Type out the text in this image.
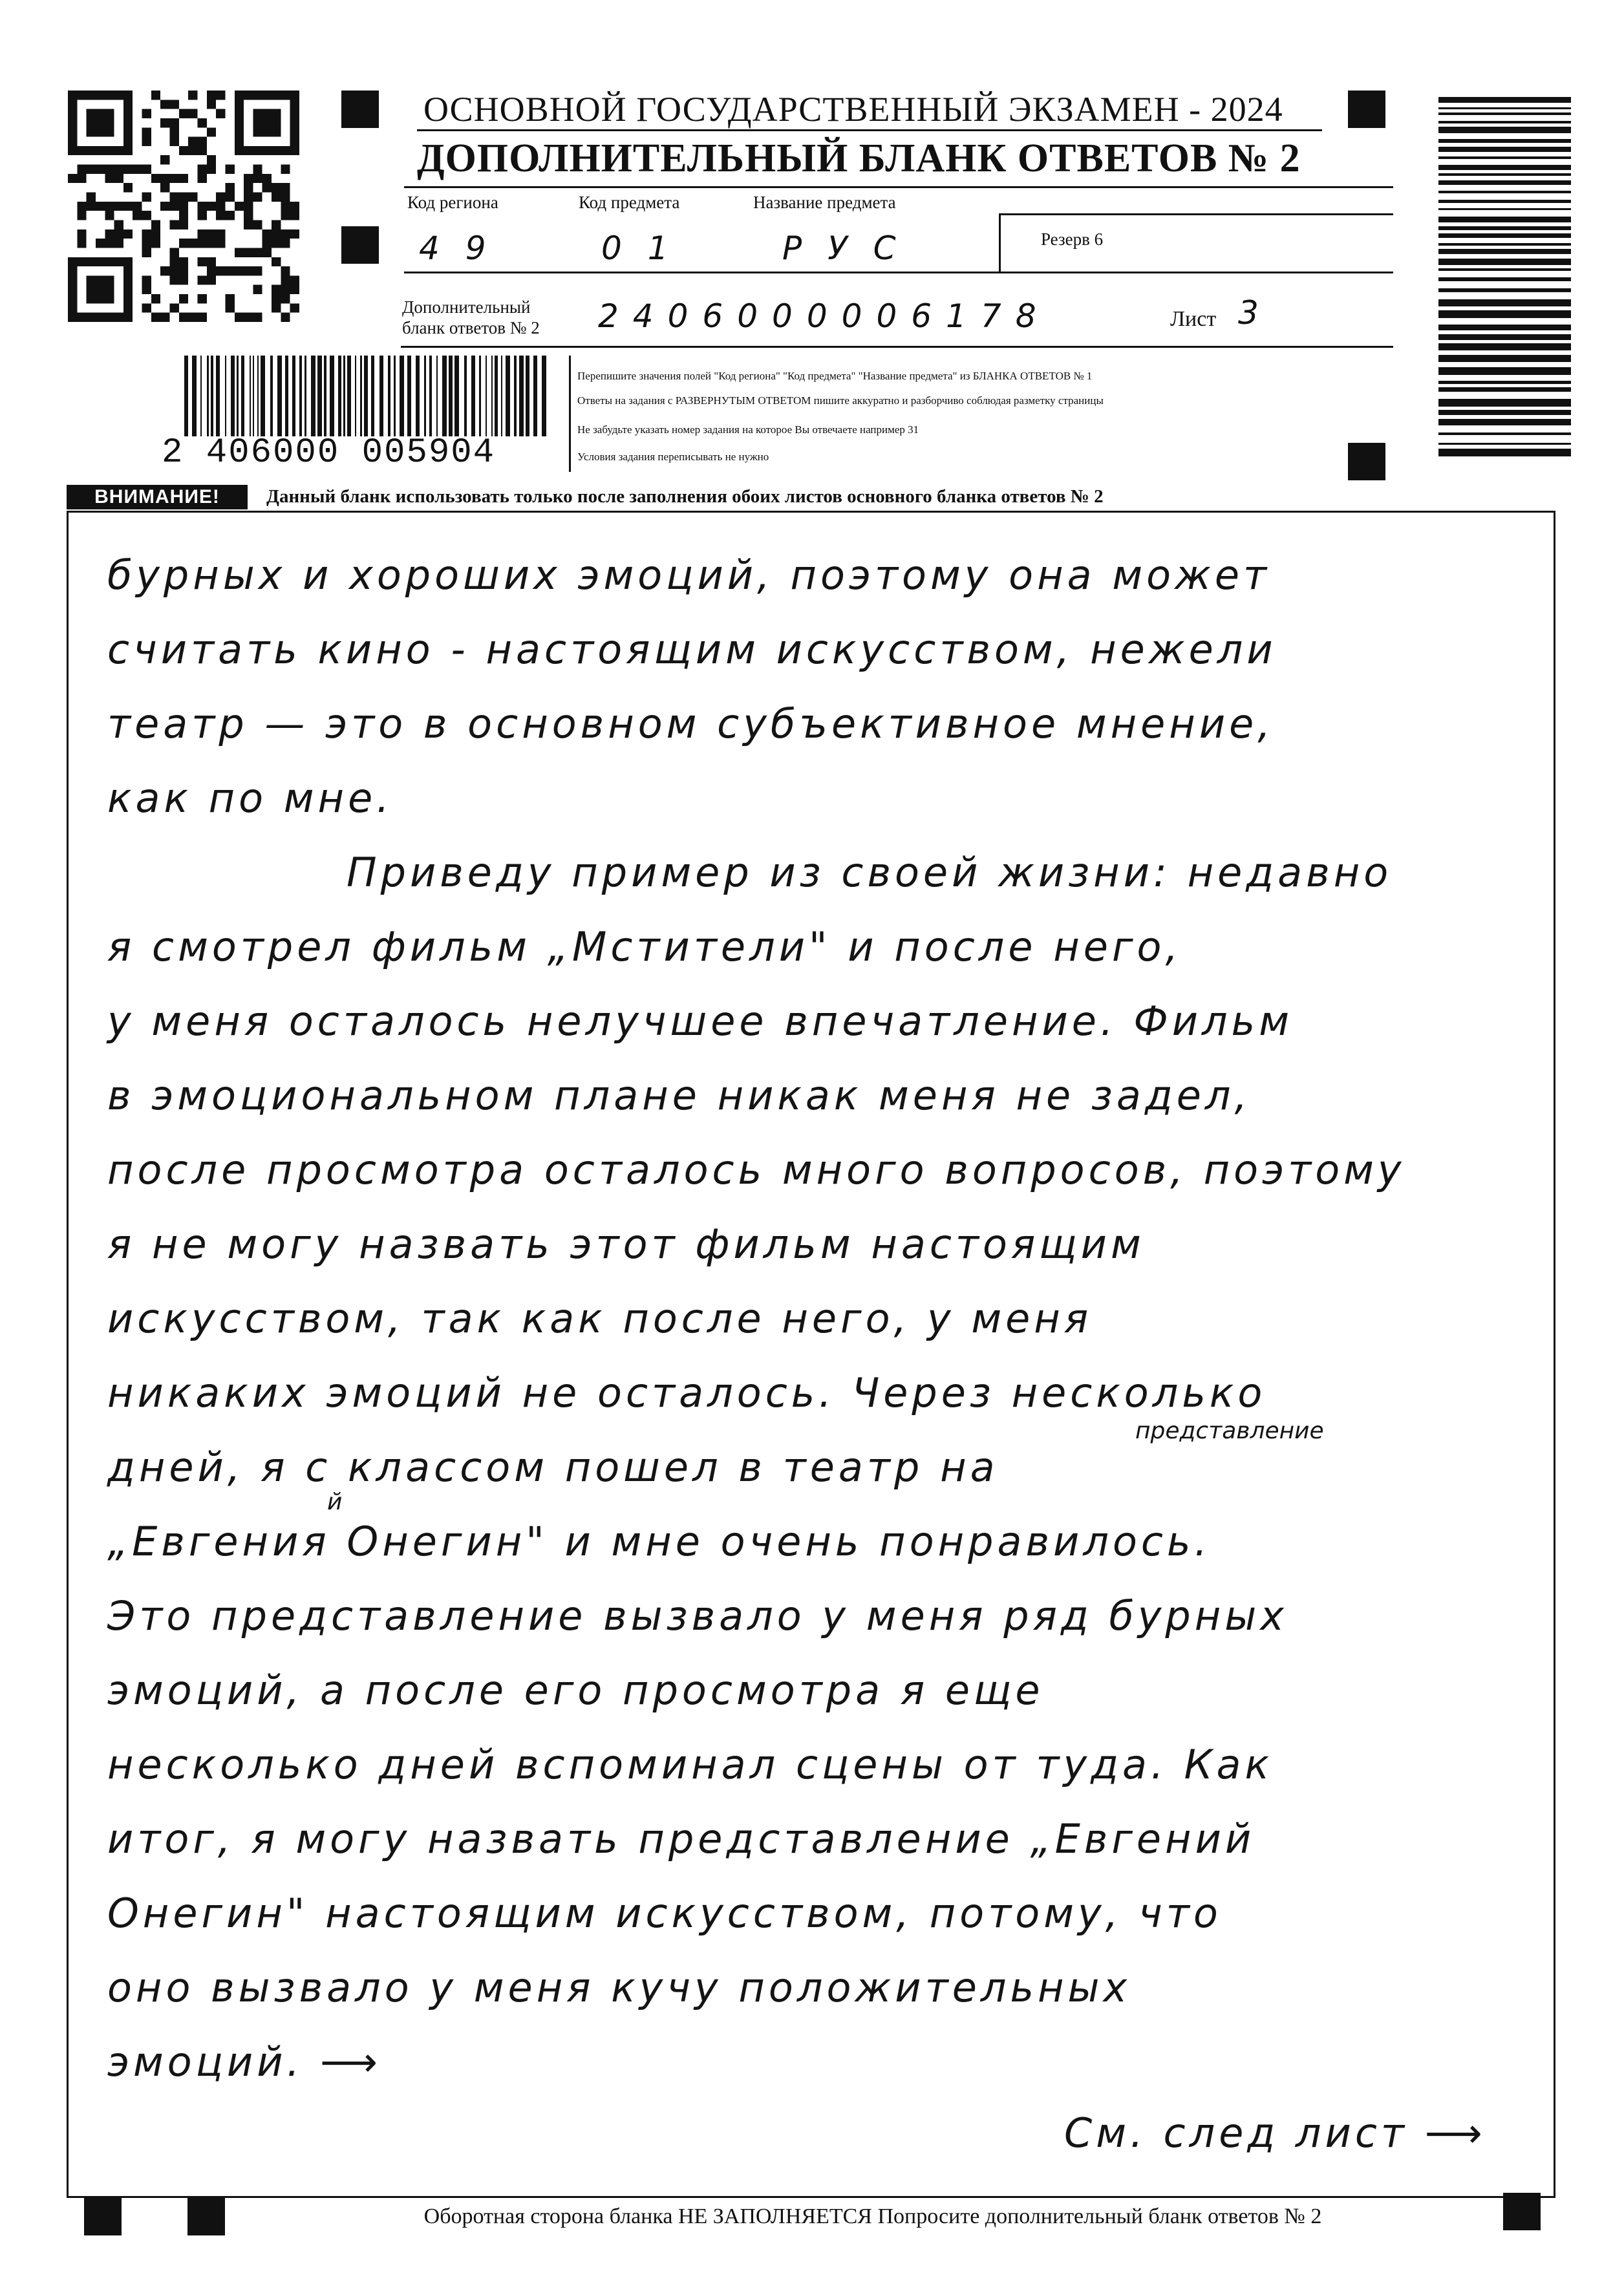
ОСНОВНОЙ ГОСУДАРСТВЕННЫЙ ЭКЗАМЕН - 2024
ДОПОЛНИТЕЛЬНЫЙ БЛАНК ОТВЕТОВ № 2
Код региона	Код предмета	Название предмета
Резерв 6
49	01	РУС
Дополнительный
бланк ответов № 2 2406000006178	Лист 3
2 406000 005904
Перепишите значения полей "Код региона" "Код предмета" "Название предмета" из БЛАНКА ОТВЕТОВ № 1
Ответы на задания с РАЗВЕРНУТЫМ ОТВЕТОМ пишите аккуратно и разборчиво соблюдая разметку страницы
Не забудьте указать номер задания на которое Вы отвечаете например 31
Условия задания переписывать не нужно
ВНИМАНИЕ!	Данный бланк использовать только после заполнения обоих листов основного бланка ответов № 2
бурных и хороших эмоций, поэтому она может
считать кино - настоящим искусством, нежели
театр — это в основном субъективное мнение,
как по мне.
Приведу пример из своей жизни: недавно
я смотрел фильм „Мстители" и после него,
у меня осталось нелучшее впечатление. Фильм
в эмоциональном плане никак меня не задел,
после просмотра осталось много вопросов, поэтому
я не могу назвать этот фильм настоящим
искусством, так как после него, у меня
никаких эмоций не осталось. Через несколько
представление
дней, я с классом пошел в театр на
й
„Евгения Онегин" и мне очень понравилось.
Это представление вызвало у меня ряд бурных
эмоций, а после его просмотра я еще
несколько дней вспоминал сцены от туда. Как
итог, я могу назвать представление „Евгений
Онегин" настоящим искусством, потому, что
оно вызвало у меня кучу положительных
эмоций. ⟶
См. след лист ⟶
Оборотная сторона бланка НЕ ЗАПОЛНЯЕТСЯ Попросите дополнительный бланк ответов № 2
